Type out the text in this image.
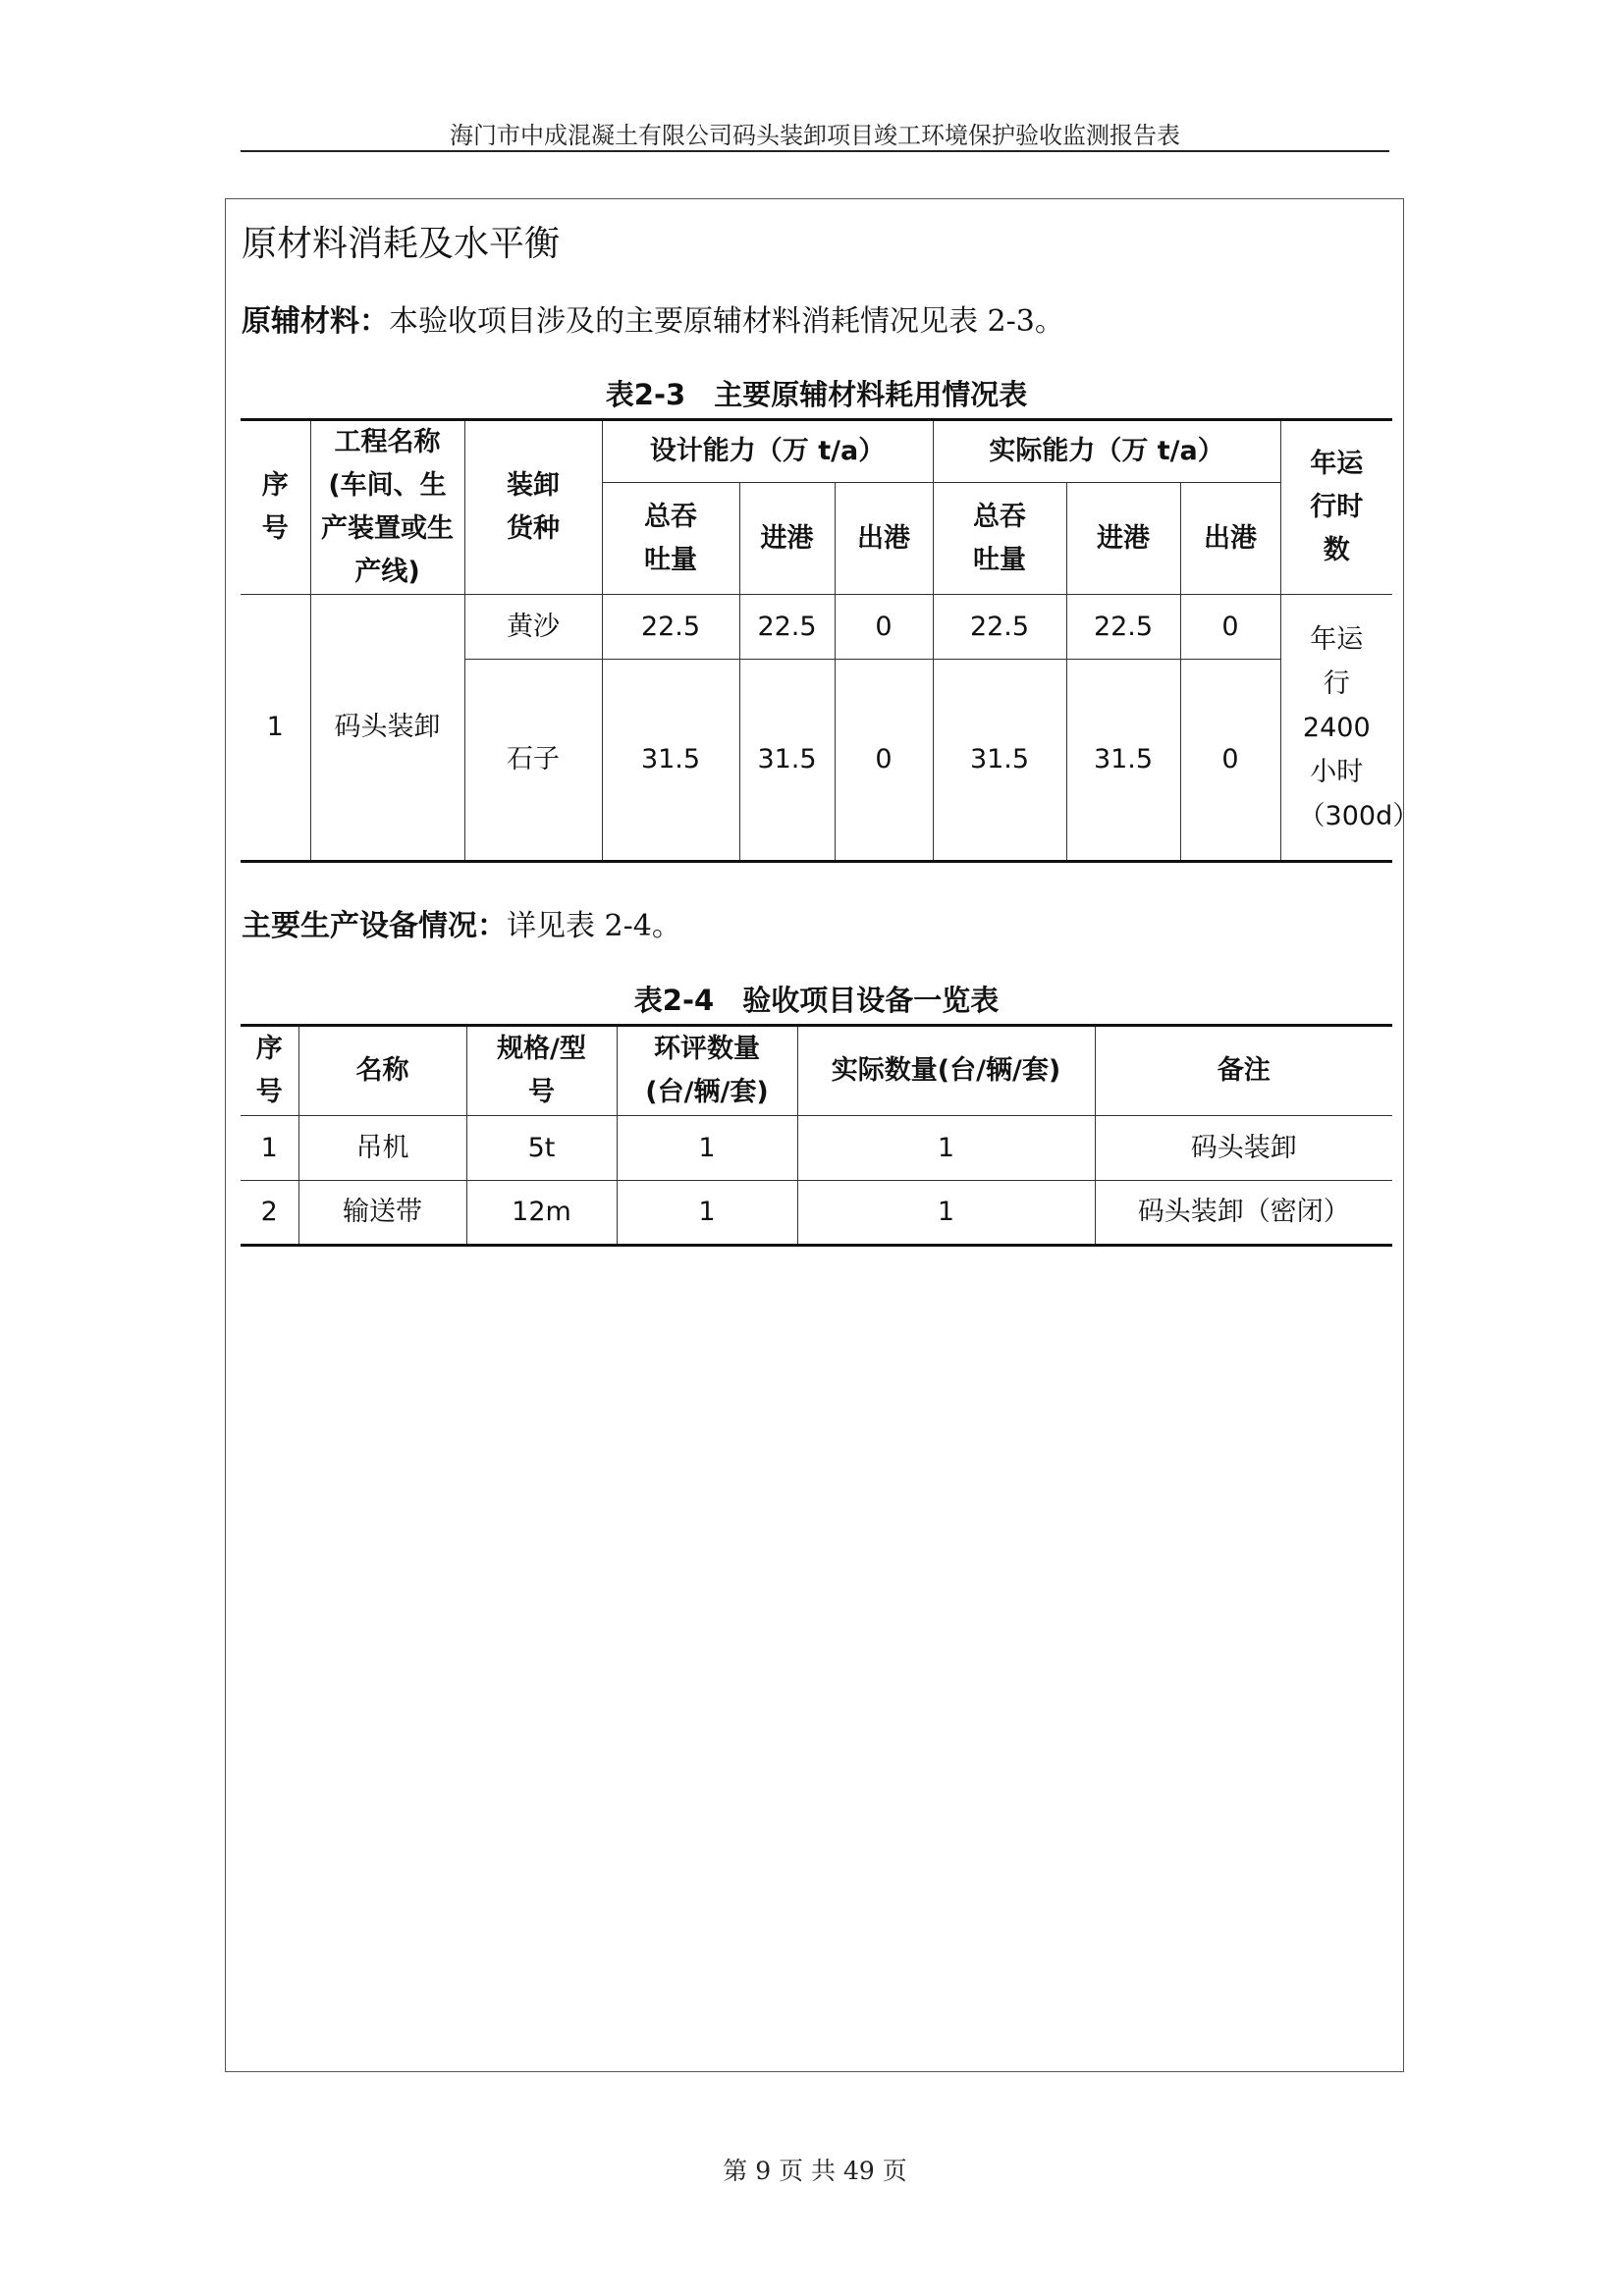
海门市中成混凝土有限公司码头装卸项目竣工环境保护验收监测报告表
原材料消耗及水平衡
原辅材料：本验收项目涉及的主要原辅材料消耗情况见表 2-3。
表2-3　主要原辅材料耗用情况表
序号	工程名称(车间、生产装置或生产线)	装卸货种	设计能力（万 t/a）			实际能力（万 t/a）			年运行时数
			总吞吐量	进港	出港	总吞吐量	进港	出港	
1	码头装卸	黄沙	22.5	22.5	0	22.5	22.5	0	年运行2400小时（300d）
		石子	31.5	31.5	0	31.5	31.5	0	
主要生产设备情况：详见表 2-4。
表2-4　验收项目设备一览表
序号	名称	规格/型号	环评数量(台/辆/套)	实际数量(台/辆/套)	备注
1	吊机	5t	1	1	码头装卸
2	输送带	12m	1	1	码头装卸（密闭）
第 9 页 共 49 页
